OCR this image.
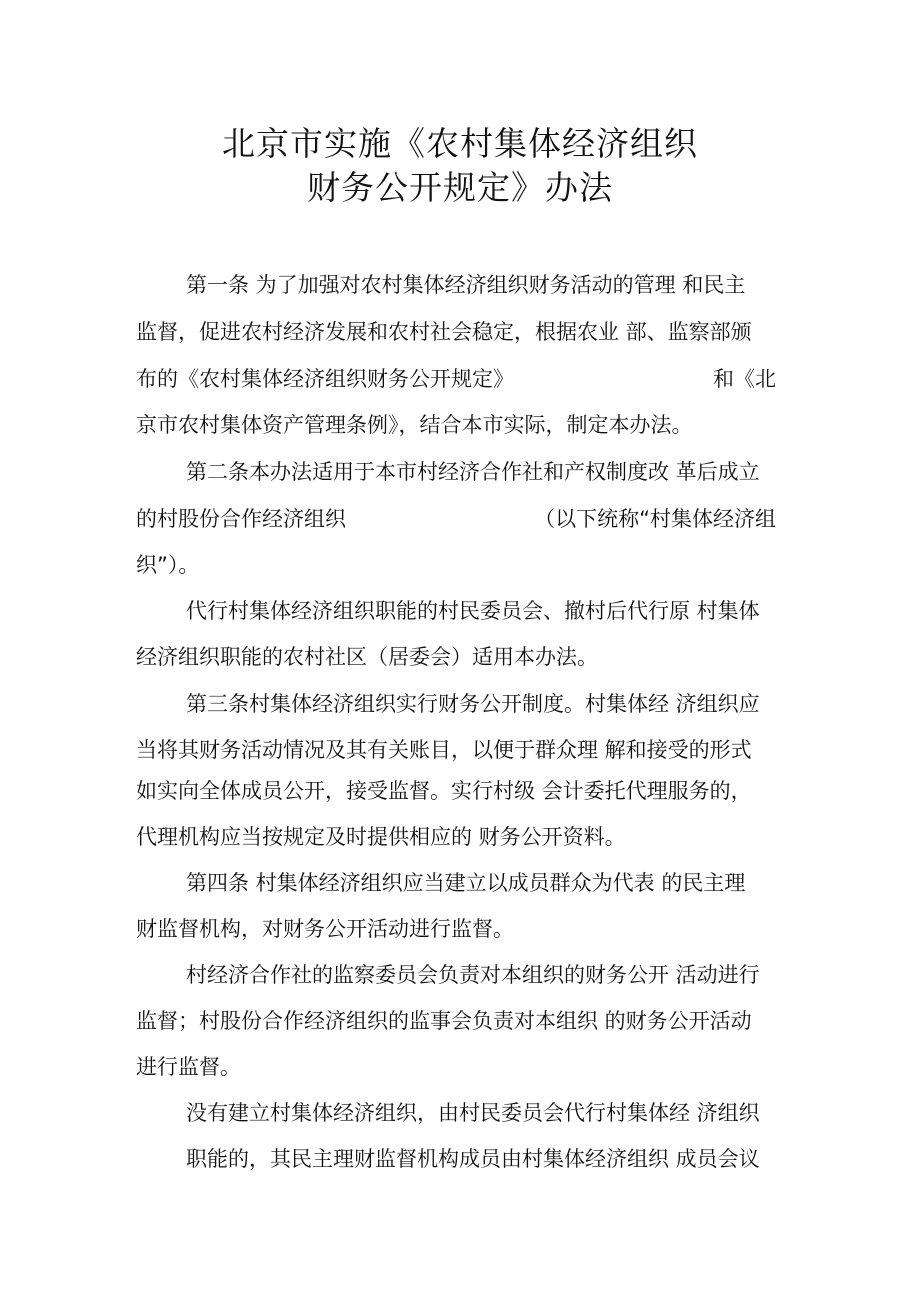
北京市实施《农村集体经济组织
财务公开规定》办法
第一条 为了加强对农村集体经济组织财务活动的管理 和民主
监督，促进农村经济发展和农村社会稳定，根据农业 部、监察部颁
布的《农村集体经济组织财务公开规定》	和《北
京市农村集体资产管理条例》，结合本市实际，制定本办法。
第二条本办法适用于本市村经济合作社和产权制度改 革后成立
的村股份合作经济组织	（以下统称“村集体经济组
织”）。
代行村集体经济组织职能的村民委员会、撤村后代行原 村集体
经济组织职能的农村社区（居委会）适用本办法。
第三条村集体经济组织实行财务公开制度。村集体经 济组织应
当将其财务活动情况及其有关账目，以便于群众理 解和接受的形式
如实向全体成员公开，接受监督。实行村级 会计委托代理服务的，
代理机构应当按规定及时提供相应的 财务公开资料。
第四条 村集体经济组织应当建立以成员群众为代表 的民主理
财监督机构，对财务公开活动进行监督。
村经济合作社的监察委员会负责对本组织的财务公开 活动进行
监督；村股份合作经济组织的监事会负责对本组织 的财务公开活动
进行监督。
没有建立村集体经济组织，由村民委员会代行村集体经 济组织
职能的，其民主理财监督机构成员由村集体经济组织 成员会议
